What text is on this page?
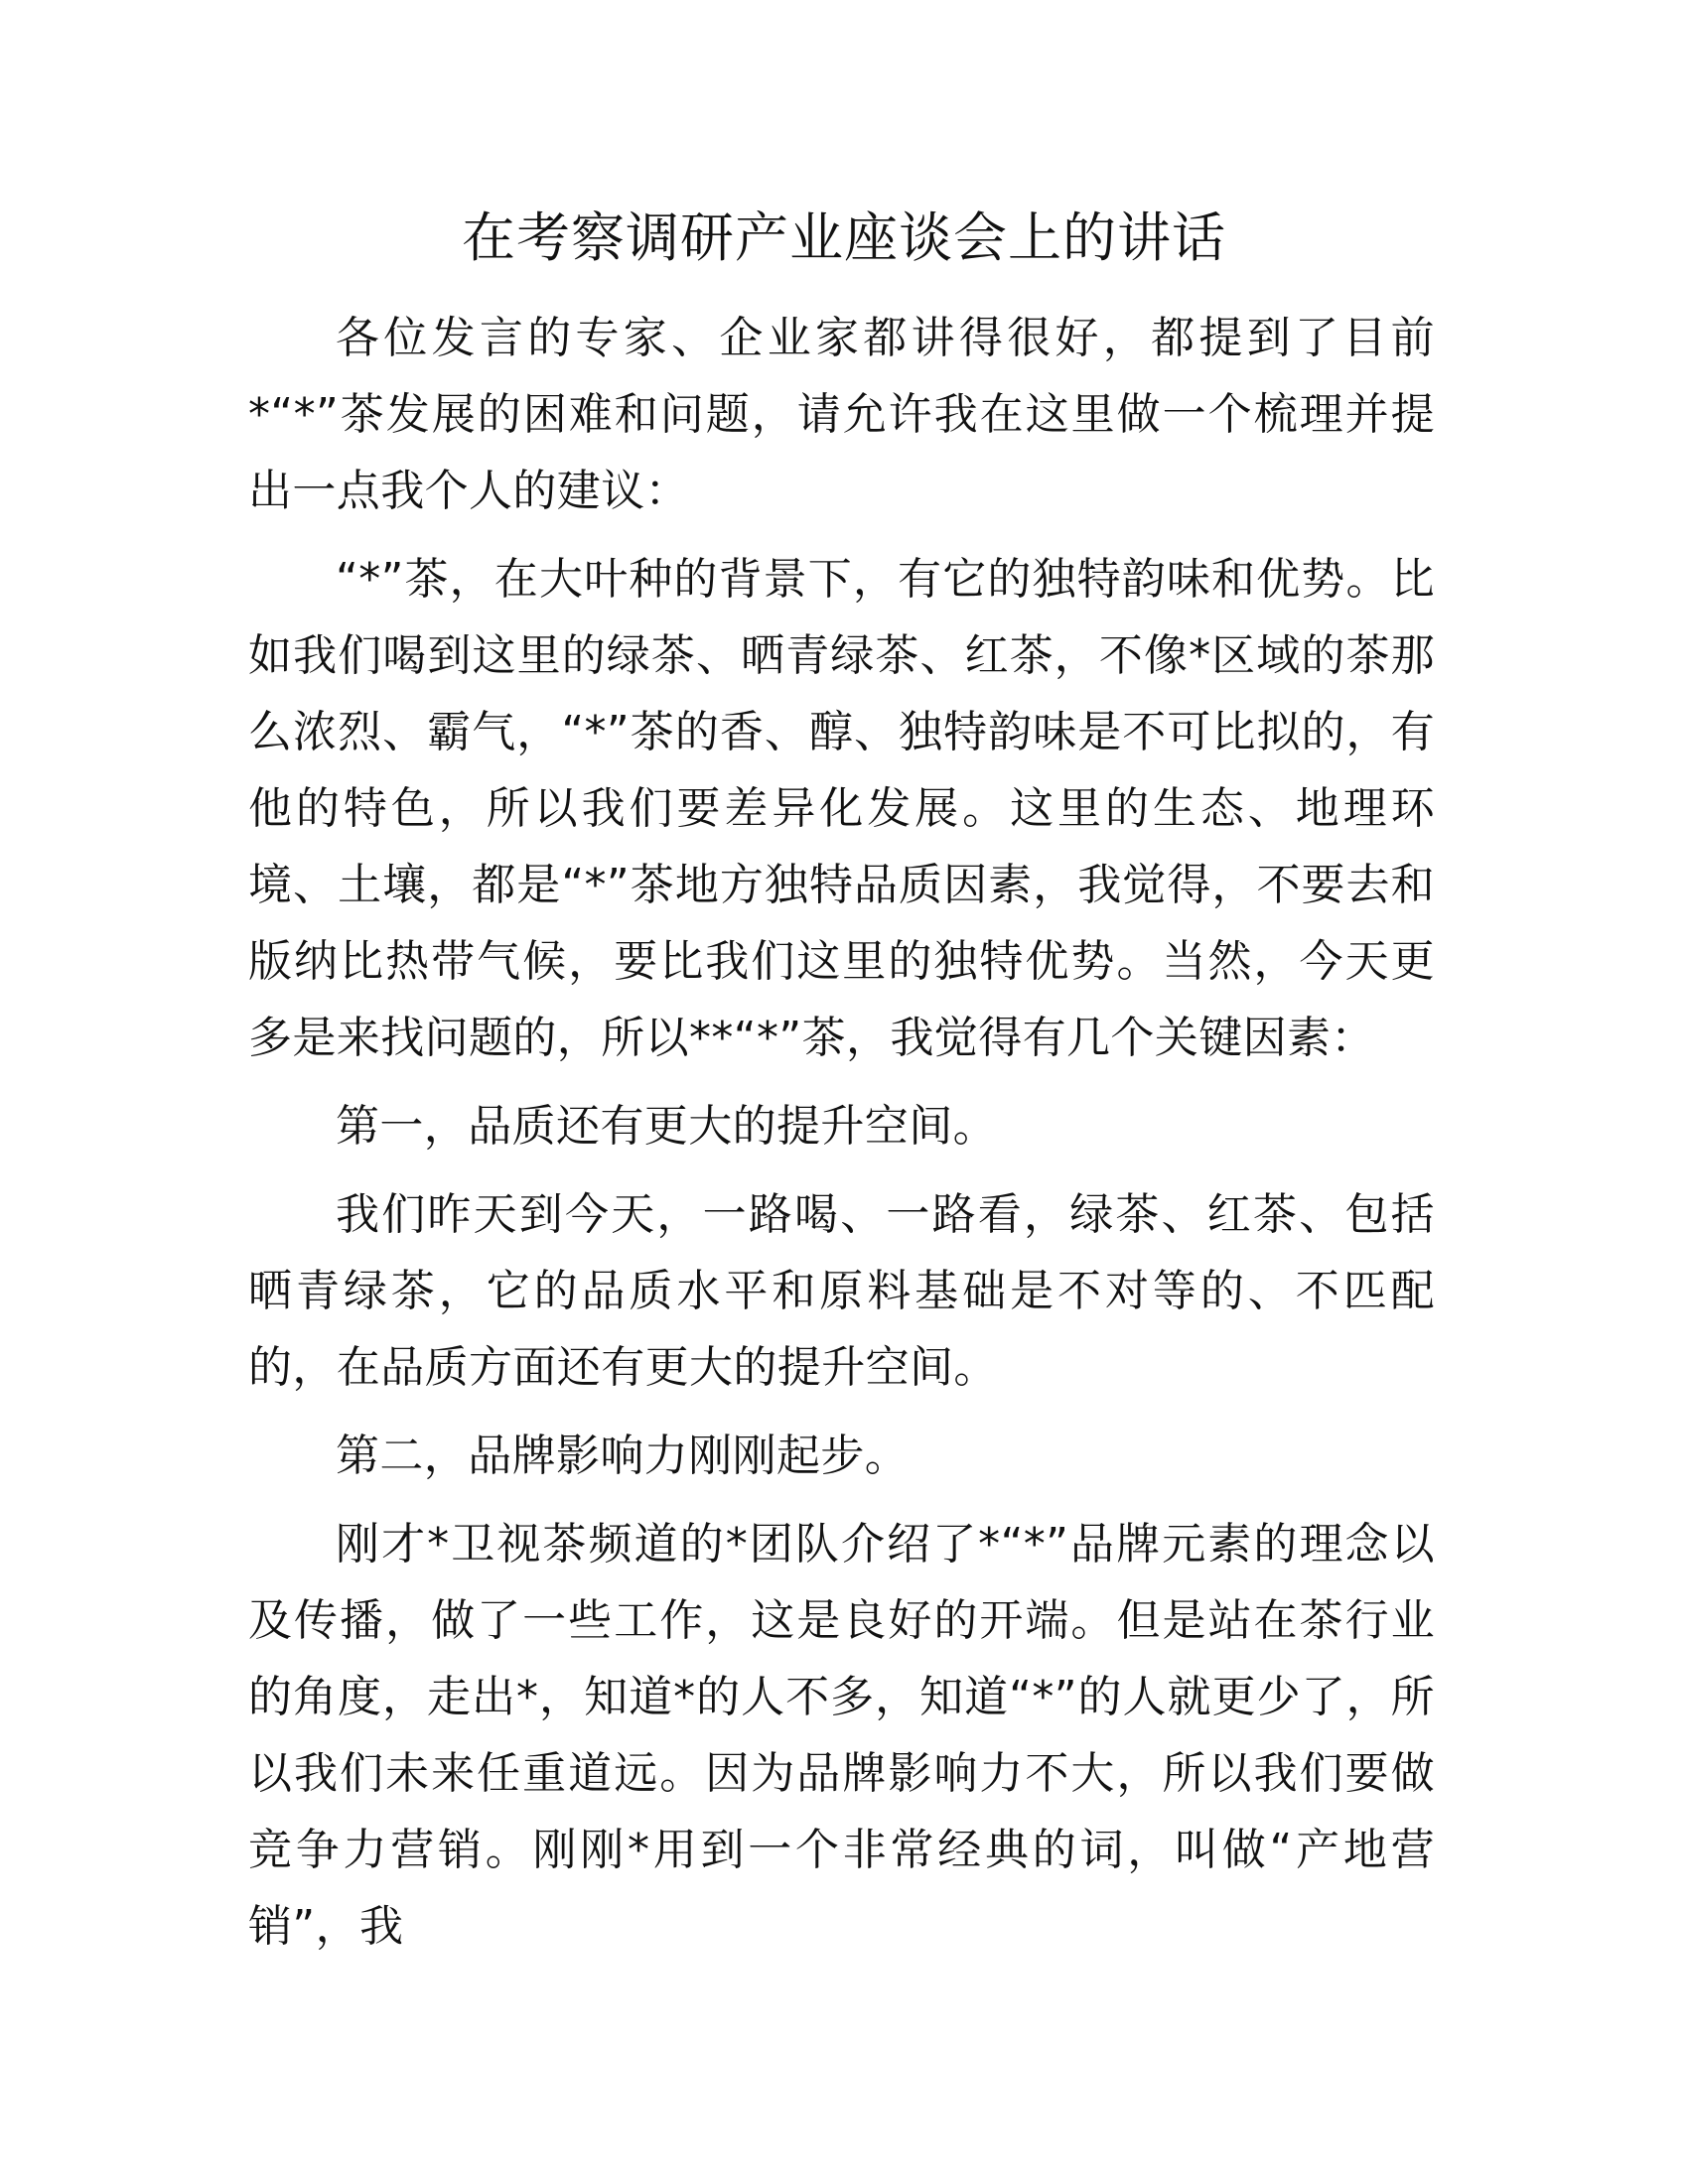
在考察调研产业座谈会上的讲话

各位发言的专家、企业家都讲得很好，都提到了目前*“*”茶发展的困难和问题，请允许我在这里做一个梳理并提出一点我个人的建议：

“*”茶，在大叶种的背景下，有它的独特韵味和优势。比如我们喝到这里的绿茶、晒青绿茶、红茶，不像*区域的茶那么浓烈、霸气，“*”茶的香、醇、独特韵味是不可比拟的，有他的特色，所以我们要差异化发展。这里的生态、地理环境、土壤，都是“*”茶地方独特品质因素，我觉得，不要去和版纳比热带气候，要比我们这里的独特优势。当然，今天更多是来找问题的，所以**“*”茶，我觉得有几个关键因素：

第一，品质还有更大的提升空间。

我们昨天到今天，一路喝、一路看，绿茶、红茶、包括晒青绿茶，它的品质水平和原料基础是不对等的、不匹配的，在品质方面还有更大的提升空间。

第二，品牌影响力刚刚起步。

刚才*卫视茶频道的*团队介绍了*“*”品牌元素的理念以及传播，做了一些工作，这是良好的开端。但是站在茶行业的角度，走出*，知道*的人不多，知道“*”的人就更少了，所以我们未来任重道远。因为品牌影响力不大，所以我们要做竞争力营销。刚刚*用到一个非常经典的词，叫做“产地营销”，我
